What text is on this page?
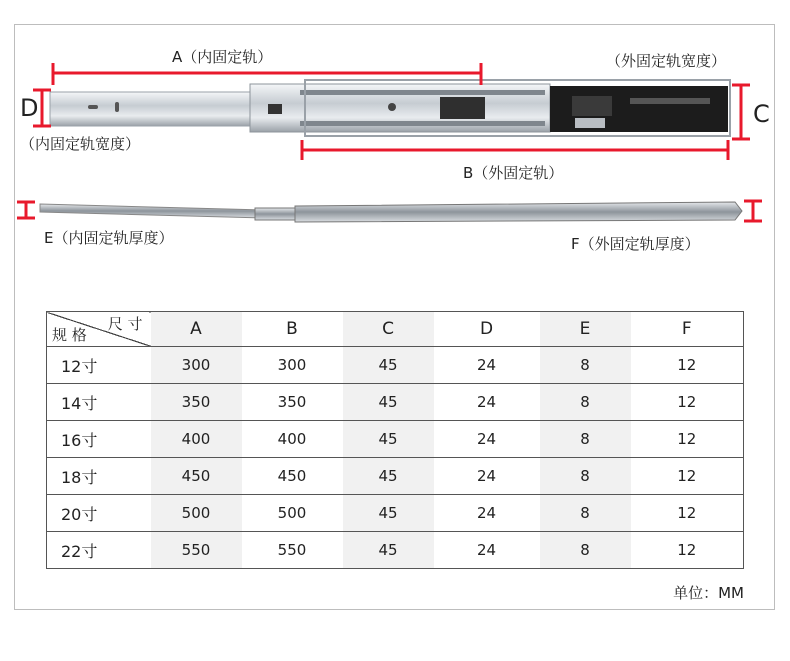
A（内固定轨）	（外固定轨宽度）
D	C
（内固定轨宽度）
B（外固定轨）
E（内固定轨厚度）	F（外固定轨厚度）
尺 寸
规 格	A	B	C	D	E	F
12寸	300	300	45	24	8	12
14寸	350	350	45	24	8	12
16寸	400	400	45	24	8	12
18寸	450	450	45	24	8	12
20寸	500	500	45	24	8	12
22寸	550	550	45	24	8	12
单位：MM
